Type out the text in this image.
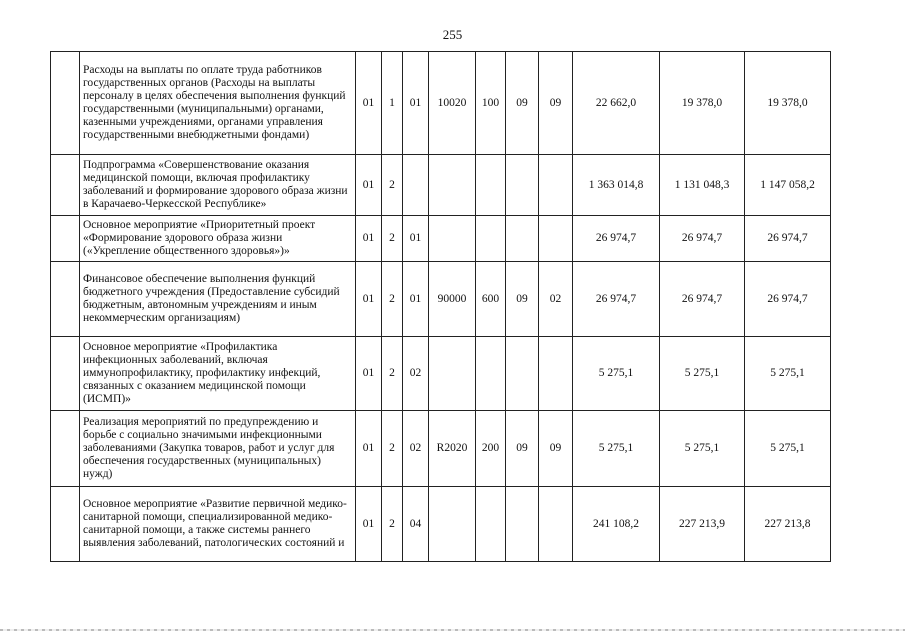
255
	Расходы на выплаты по оплате труда работников государственных органов (Расходы на выплаты персоналу в целях обеспечения выполнения функций государственными (муниципальными) органами, казенными учреждениями, органами управления государственными внебюджетными фондами)	01	1	01	10020	100	09	09	22 662,0	19 378,0	19 378,0
	Подпрограмма «Совершенствование оказания медицинской помощи, включая профилактику заболеваний и формирование здорового образа жизни в Карачаево-Черкесской Республике»	01	2						1 363 014,8	1 131 048,3	1 147 058,2
	Основное мероприятие «Приоритетный проект «Формирование здорового образа жизни («Укрепление общественного здоровья»)»	01	2	01					26 974,7	26 974,7	26 974,7
	Финансовое обеспечение выполнения функций бюджетного учреждения (Предоставление субсидий бюджетным, автономным учреждениям и иным некоммерческим организациям)	01	2	01	90000	600	09	02	26 974,7	26 974,7	26 974,7
	Основное мероприятие «Профилактика инфекционных заболеваний, включая иммунопрофилактику, профилактику инфекций, связанных с оказанием медицинской помощи (ИСМП)»	01	2	02					5 275,1	5 275,1	5 275,1
	Реализация мероприятий по предупреждению и борьбе с социально значимыми инфекционными заболеваниями (Закупка товаров, работ и услуг для обеспечения государственных (муниципальных) нужд)	01	2	02	R2020	200	09	09	5 275,1	5 275,1	5 275,1
	Основное мероприятие «Развитие первичной медико-санитарной помощи, специализированной медико-санитарной помощи, а также системы раннего выявления заболеваний, патологических состояний и	01	2	04					241 108,2	227 213,9	227 213,8
